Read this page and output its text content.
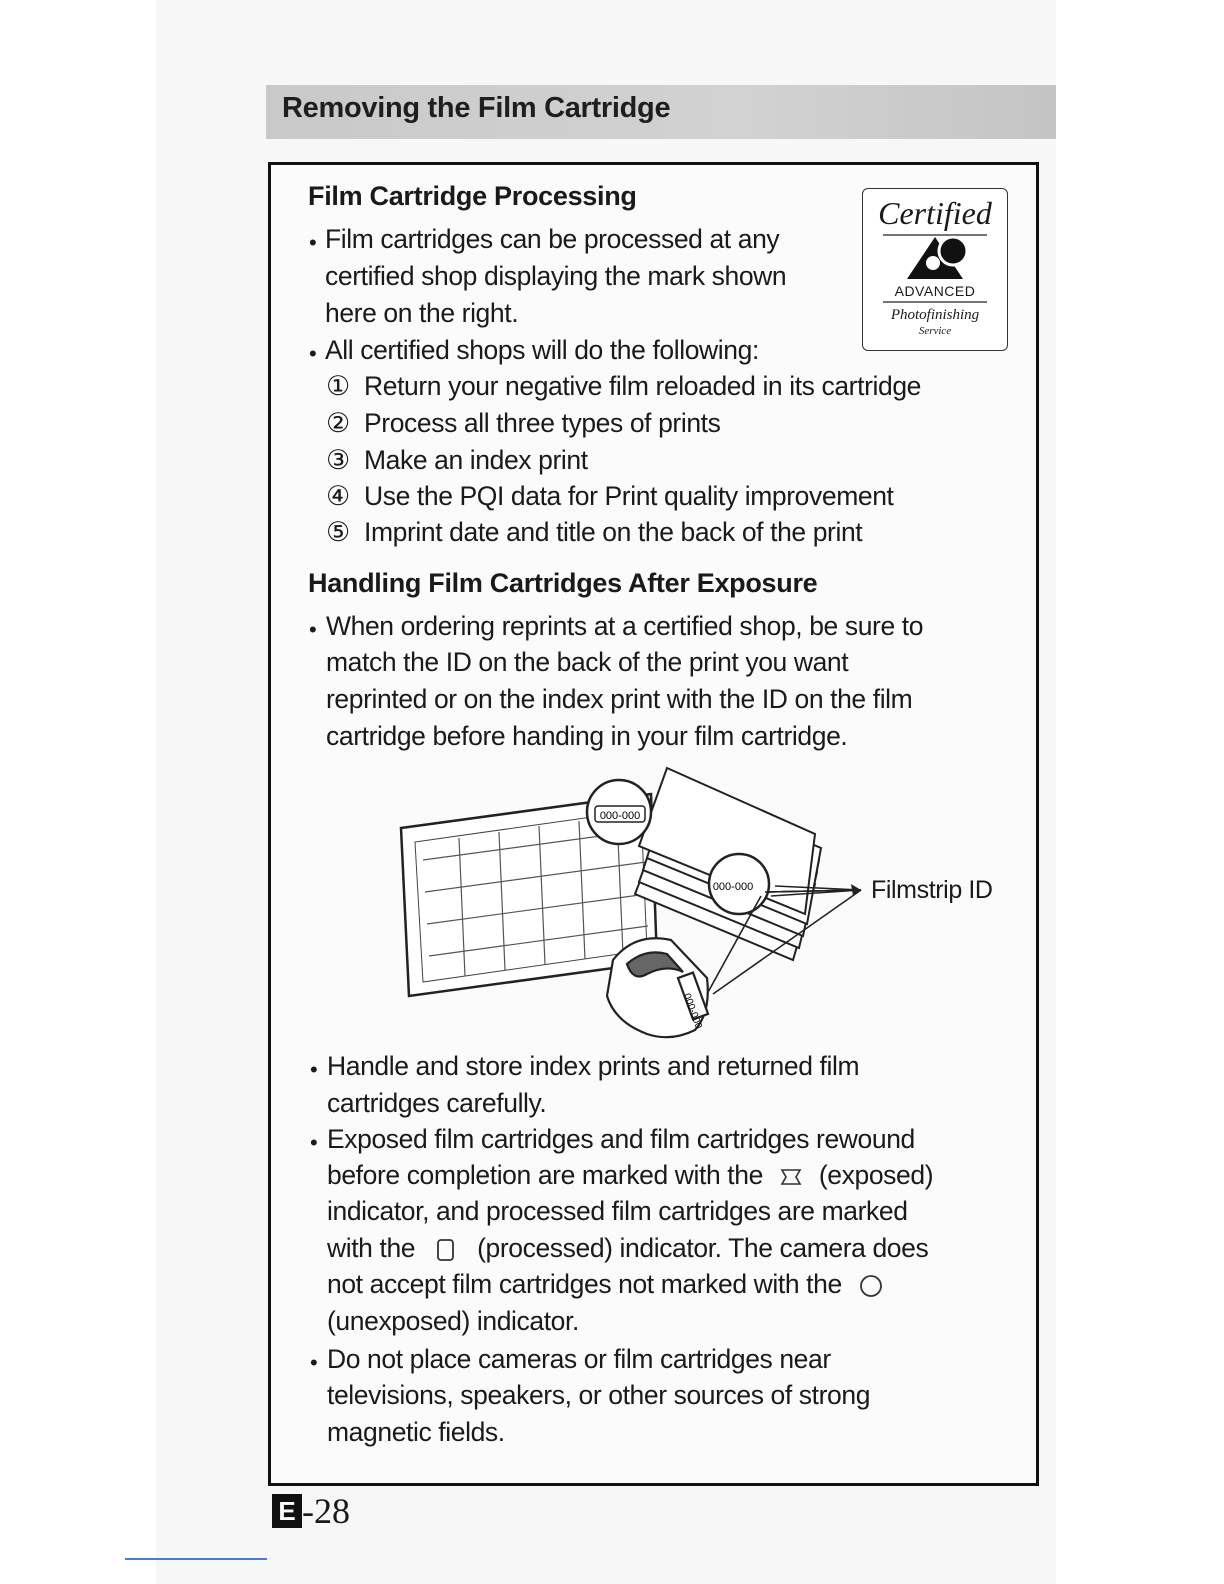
Removing the Film Cartridge
Film Cartridge Processing
• Film cartridges can be processed at any
certified shop displaying the mark shown
here on the right.
• All certified shops will do the following:
① Return your negative film reloaded in its cartridge
② Process all three types of prints
③ Make an index print
④ Use the PQI data for Print quality improvement
⑤ Imprint date and title on the back of the print
Certified
ADVANCED
Photofinishing
Service
Handling Film Cartridges After Exposure
• When ordering reprints at a certified shop, be sure to
match the ID on the back of the print you want
reprinted or on the index print with the ID on the film
cartridge before handing in your film cartridge.
000-000
000-000
000-000
Filmstrip ID
• Handle and store index prints and returned film
cartridges carefully.
• Exposed film cartridges and film cartridges rewound
before completion are marked with the (exposed)
indicator, and processed film cartridges are marked
with the (processed) indicator. The camera does
not accept film cartridges not marked with the
(unexposed) indicator.
• Do not place cameras or film cartridges near
televisions, speakers, or other sources of strong
magnetic fields.
E -28
